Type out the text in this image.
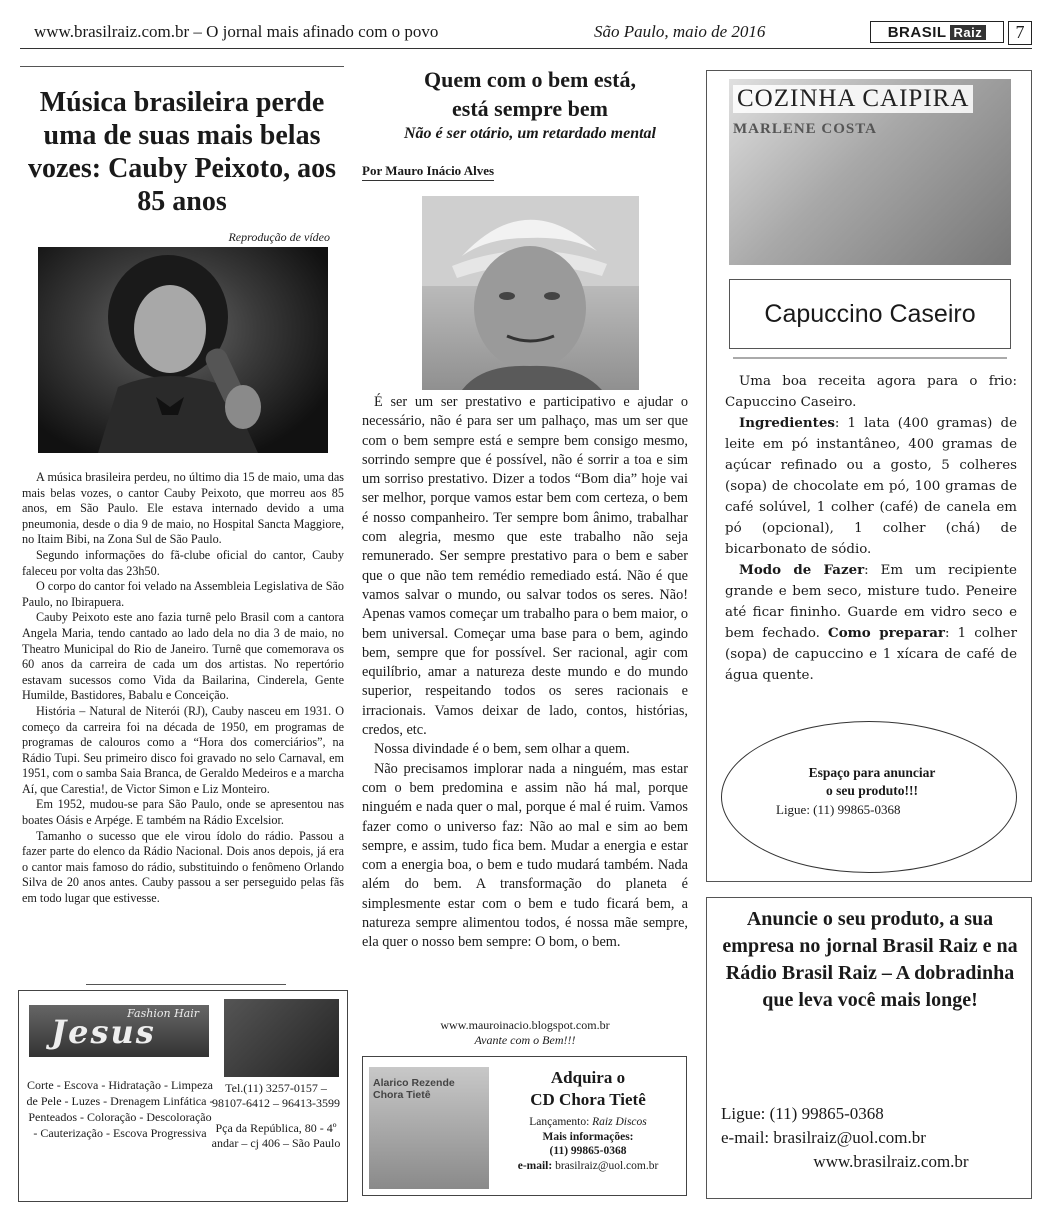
www.brasilraiz.com.br – O jornal mais afinado com o povo	São Paulo, maio de 2016	BRASIL Raiz	7
Música brasileira perde uma de suas mais belas vozes: Cauby Peixoto, aos 85 anos
Reprodução de vídeo

A música brasileira perdeu, no último dia 15 de maio, uma das mais belas vozes, o cantor Cauby Peixoto, que morreu aos 85 anos, em São Paulo. Ele estava internado devido a uma pneumonia, desde o dia 9 de maio, no Hospital Sancta Maggiore, no Itaim Bibi, na Zona Sul de São Paulo.

Segundo informações do fã-clube oficial do cantor, Cauby faleceu por volta das 23h50.

O corpo do cantor foi velado na Assembleia Legislativa de São Paulo, no Ibirapuera.

Cauby Peixoto este ano fazia turnê pelo Brasil com a cantora Angela Maria, tendo cantado ao lado dela no dia 3 de maio, no Theatro Municipal do Rio de Janeiro. Turnê que comemorava os 60 anos da carreira de cada um dos artistas. No repertório estavam sucessos como Vida da Bailarina, Cinderela, Gente Humilde, Bastidores, Babalu e Conceição.

História – Natural de Niterói (RJ), Cauby nasceu em 1931. O começo da carreira foi na década de 1950, em programas de programas de calouros como a “Hora dos comerciários”, na Rádio Tupi. Seu primeiro disco foi gravado no selo Carnaval, em 1951, com o samba Saia Branca, de Geraldo Medeiros e a marcha Aí, que Carestia!, de Victor Simon e Liz Monteiro.

Em 1952, mudou-se para São Paulo, onde se apresentou nas boates Oásis e Arpége. E também na Rádio Excelsior.

Tamanho o sucesso que ele virou ídolo do rádio. Passou a fazer parte do elenco da Rádio Nacional. Dois anos depois, já era o cantor mais famoso do rádio, substituindo o fenômeno Orlando Silva de 20 anos antes. Cauby passou a ser perseguido pelas fãs em todo lugar que estivesse.

Fashion Hair
Jesus
Corte - Escova - Hidratação - Limpeza de Pele - Luzes - Drenagem Linfática - Penteados - Coloração - Descoloração - Cauterização - Escova Progressiva
Tel.(11) 3257-0157 – 98107-6412 – 96413-3599
Pça da República, 80 - 4º andar – cj 406 – São Paulo
Quem com o bem está,
está sempre bem
Não é ser otário, um retardado mental
Por Mauro Inácio Alves

É ser um ser prestativo e participativo e ajudar o necessário, não é para ser um palhaço, mas um ser que com o bem sempre está e sempre bem consigo mesmo, sorrindo sempre que é possível, não é sorrir a toa e sim um sorriso prestativo. Dizer a todos “Bom dia” hoje vai ser melhor, porque vamos estar bem com certeza, o bem é nosso companheiro. Ter sempre bom ânimo, trabalhar com alegria, mesmo que este trabalho não seja remunerado. Ser sempre prestativo para o bem e saber que o que não tem remédio remediado está. Não é que vamos salvar o mundo, ou salvar todos os seres. Não! Apenas vamos começar um trabalho para o bem maior, o bem universal. Começar uma base para o bem, agindo bem, sempre que for possível. Ser racional, agir com equilíbrio, amar a natureza deste mundo e do mundo superior, respeitando todos os seres racionais e irracionais. Vamos deixar de lado, contos, histórias, credos, etc.

Nossa divindade é o bem, sem olhar a quem.

Não precisamos implorar nada a ninguém, mas estar com o bem predomina e assim não há mal, porque ninguém e nada quer o mal, porque é mal é ruim. Vamos fazer como o universo faz: Não ao mal e sim ao bem sempre, e assim, tudo fica bem. Mudar a energia e estar com a energia boa, o bem e tudo mudará também. Nada além do bem. A transformação do planeta é simplesmente estar com o bem e tudo ficará bem, a natureza sempre alimentou todos, é nossa mãe sempre, ela quer o nosso bem sempre: O bom, o bem.

www.mauroinacio.blogspot.com.br
Avante com o Bem!!!
Alarico Rezende
Chora Tietê
Adquira o
CD Chora Tietê
Lançamento: Raiz Discos
Mais informações:
(11) 99865-0368
e-mail: brasilraiz@uol.com.br
COZINHA CAIPIRA
MARLENE COSTA
Capuccino Caseiro

Uma boa receita agora para o frio: Capuccino Caseiro.

Ingredientes: 1 lata (400 gramas) de leite em pó instantâneo, 400 gramas de açúcar refinado ou a gosto, 5 colheres (sopa) de chocolate em pó, 100 gramas de café solúvel, 1 colher (café) de canela em pó (opcional), 1 colher (chá) de bicarbonato de sódio.

Modo de Fazer: Em um recipiente grande e bem seco, misture tudo. Peneire até ficar fininho. Guarde em vidro seco e bem fechado. Como preparar: 1 colher (sopa) de capuccino e 1 xícara de café de água quente.

Espaço para anunciar
o seu produto!!!
Ligue: (11) 99865-0368
Anuncie o seu produto, a sua empresa no jornal Brasil Raiz e na Rádio Brasil Raiz – A dobradinha que leva você mais longe!
Ligue: (11) 99865-0368
e-mail: brasilraiz@uol.com.br
www.brasilraiz.com.br
